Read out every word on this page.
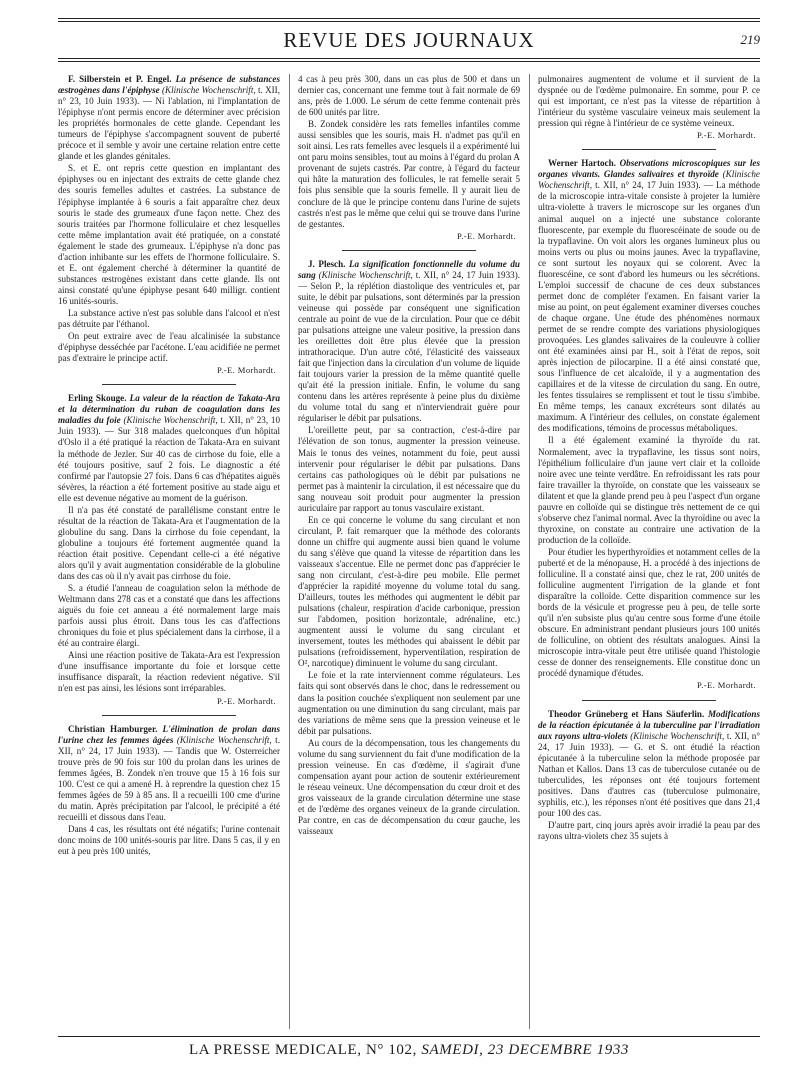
REVUE DES JOURNAUX	219

F. Silberstein et P. Engel. La présence de substances œstrogènes dans l'épiphyse (Klinische Wochenschrift, t. XII, n° 23, 10 Juin 1933). — Ni l'ablation, ni l'implantation de l'épiphyse n'ont permis encore de déterminer avec précision les propriétés hormonales de cette glande. Cependant les tumeurs de l'épiphyse s'accompagnent souvent de puberté précoce et il semble y avoir une certaine relation entre cette glande et les glandes génitales.

S. et E. ont repris cette question en implantant des épiphyses ou en injectant des extraits de cette glande chez des souris femelles adultes et castrées. La substance de l'épiphyse implantée à 6 souris a fait apparaître chez deux souris le stade des grumeaux d'une façon nette. Chez des souris traitées par l'hormone folliculaire et chez lesquelles cette même implantation avait été pratiquée, on a constaté également le stade des grumeaux. L'épiphyse n'a donc pas d'action inhibante sur les effets de l'hormone folliculaire. S. et E. ont également cherché à déterminer la quantité de substances œstrogènes existant dans cette glande. Ils ont ainsi constaté qu'une épiphyse pesant 640 milligr. contient 16 unités-souris.

La substance active n'est pas soluble dans l'alcool et n'est pas détruite par l'éthanol.

On peut extraire avec de l'eau alcalinisée la substance d'épiphyse desséchée par l'acétone. L'eau acidifiée ne permet pas d'extraire le principe actif.

P.-E. Morhardt.

Erling Skouge. La valeur de la réaction de Takata-Ara et la détermination du ruban de coagulation dans les maladies du foie (Klinische Wochenschrift, t. XII, n° 23, 10 Juin 1933). — Sur 318 malades quelconques d'un hôpital d'Oslo il a été pratiqué la réaction de Takata-Ara en suivant la méthode de Jezler. Sur 40 cas de cirrhose du foie, elle a été toujours positive, sauf 2 fois. Le diagnostic a été confirmé par l'autopsie 27 fois. Dans 6 cas d'hépatites aiguës sévères, la réaction a été fortement positive au stade aigu et elle est devenue négative au moment de la guérison.

Il n'a pas été constaté de parallélisme constant entre le résultat de la réaction de Takata-Ara et l'augmentation de la globuline du sang. Dans la cirrhose du foie cependant, la globuline a toujours été fortement augmentée quand la réaction était positive. Cependant celle-ci a été négative alors qu'il y avait augmentation considérable de la globuline dans des cas où il n'y avait pas cirrhose du foie.

S. a étudié l'anneau de coagulation selon la méthode de Weltmann dans 278 cas et a constaté que dans les affections aiguës du foie cet anneau a été normalement large mais parfois aussi plus étroit. Dans tous les cas d'affections chroniques du foie et plus spécialement dans la cirrhose, il a été au contraire élargi.

Ainsi une réaction positive de Takata-Ara est l'expression d'une insuffisance importante du foie et lorsque cette insuffisance disparaît, la réaction redevient négative. S'il n'en est pas ainsi, les lésions sont irréparables.

P.-E. Morhardt.

Christian Hamburger. L'élimination de prolan dans l'urine chez les femmes âgées (Klinische Wochenschrift, t. XII, n° 24, 17 Juin 1933). — Tandis que W. Osterreicher trouve près de 90 fois sur 100 du prolan dans les urines de femmes âgées, B. Zondek n'en trouve que 15 à 16 fois sur 100. C'est ce qui a amené H. à reprendre la question chez 15 femmes âgées de 59 à 85 ans. Il a recueilli 100 cme d'urine du matin. Après précipitation par l'alcool, le précipité a été recueilli et dissous dans l'eau.

Dans 4 cas, les résultats ont été négatifs; l'urine contenait donc moins de 100 unités-souris par litre. Dans 5 cas, il y en eut à peu près 100 unités,

4 cas à peu près 300, dans un cas plus de 500 et dans un dernier cas, concernant une femme tout à fait normale de 69 ans, près de 1.000. Le sérum de cette femme contenait près de 600 unités par litre.

B. Zondek considère les rats femelles infantiles comme aussi sensibles que les souris, mais H. n'admet pas qu'il en soit ainsi. Les rats femelles avec lesquels il a expérimenté lui ont paru moins sensibles, tout au moins à l'égard du prolan A provenant de sujets castrés. Par contre, à l'égard du facteur qui hâte la maturation des follicules, le rat femelle serait 5 fois plus sensible que la souris femelle. Il y aurait lieu de conclure de là que le principe contenu dans l'urine de sujets castrés n'est pas le même que celui qui se trouve dans l'urine de gestantes.

P.-E. Morhardt.

J. Plesch. La signification fonctionnelle du volume du sang (Klinische Wochenschrift, t. XII, n° 24, 17 Juin 1933). — Selon P., la réplétion diastolique des ventricules et, par suite, le débit par pulsations, sont déterminés par la pression veineuse qui possède par conséquent une signification centrale au point de vue de la circulation. Pour que ce débit par pulsations atteigne une valeur positive, la pression dans les oreillettes doit être plus élevée que la pression intrathoracique. D'un autre côté, l'élasticité des vaisseaux fait que l'injection dans la circulation d'un volume de liquide fait toujours varier la pression de la même quantité quelle qu'ait été la pression initiale. Enfin, le volume du sang contenu dans les artères représente à peine plus du dixième du volume total du sang et n'interviendrait guère pour régulariser le débit par pulsations.

L'oreillette peut, par sa contraction, c'est-à-dire par l'élévation de son tonus, augmenter la pression veineuse. Mais le tonus des veines, notamment du foie, peut aussi intervenir pour régulariser le débit par pulsations. Dans certains cas pathologiques où le débit par pulsations ne permet pas à maintenir la circulation, il est nécessaire que du sang nouveau soit produit pour augmenter la pression auriculaire par rapport au tonus vasculaire existant.

En ce qui concerne le volume du sang circulant et non circulant, P. fait remarquer que la méthode des colorants donne un chiffre qui augmente aussi bien quand le volume du sang s'élève que quand la vitesse de répartition dans les vaisseaux s'accentue. Elle ne permet donc pas d'apprécier le sang non circulant, c'est-à-dire peu mobile. Elle permet d'apprécier la rapidité moyenne du volume total du sang. D'ailleurs, toutes les méthodes qui augmentent le débit par pulsations (chaleur, respiration d'acide carbonique, pression sur l'abdomen, position horizontale, adrénaline, etc.) augmentent aussi le volume du sang circulant et inversement, toutes les méthodes qui abaissent le débit par pulsations (refroidissement, hyperventilation, respiration de O², narcotique) diminuent le volume du sang circulant.

Le foie et la rate interviennent comme régulateurs. Les faits qui sont observés dans le choc, dans le redressement ou dans la position couchée s'expliquent non seulement par une augmentation ou une diminution du sang circulant, mais par des variations de même sens que la pression veineuse et le débit par pulsations.

Au cours de la décompensation, tous les changements du volume du sang surviennent du fait d'une modification de la pression veineuse. En cas d'œdème, il s'agirait d'une compensation ayant pour action de soutenir extérieurement le réseau veineux. Une décompensation du cœur droit et des gros vaisseaux de la grande circulation détermine une stase et de l'œdème des organes veineux de la grande circulation. Par contre, en cas de décompensation du cœur gauche, les vaisseaux

pulmonaires augmentent de volume et il survient de la dyspnée ou de l'œdème pulmonaire. En somme, pour P. ce qui est important, ce n'est pas la vitesse de répartition à l'intérieur du système vasculaire veineux mais seulement la pression qui règne à l'intérieur de ce système veineux.

P.-E. Morhardt.

Werner Hartoch. Observations microscopiques sur les organes vivants. Glandes salivaires et thyroïde (Klinische Wochenschrift, t. XII, n° 24, 17 Juin 1933). — La méthode de la microscopie intra-vitale consiste à projeter la lumière ultra-violette à travers le microscope sur les organes d'un animal auquel on a injecté une substance colorante fluorescente, par exemple du fluorescéinate de soude ou de la trypaflavine. On voit alors les organes lumineux plus ou moins verts ou plus ou moins jaunes. Avec la trypaflavine, ce sont surtout les noyaux qui se colorent. Avec la fluorescéine, ce sont d'abord les humeurs ou les sécrétions. L'emploi successif de chacune de ces deux substances permet donc de compléter l'examen. En faisant varier la mise au point, on peut également examiner diverses couches de chaque organe. Une étude des phénomènes normaux permet de se rendre compte des variations physiologiques provoquées. Les glandes salivaires de la couleuvre à collier ont été examinées ainsi par H., soit à l'état de repos, soit après injection de pilocarpine. Il a été ainsi constaté que, sous l'influence de cet alcaloïde, il y a augmentation des capillaires et de la vitesse de circulation du sang. En outre, les fentes tissulaires se remplissent et tout le tissu s'imbibe. En même temps, les canaux excréteurs sont dilatés au maximum. A l'intérieur des cellules, on constate également des modifications, témoins de processus métaboliques.

Il a été également examiné la thyroïde du rat. Normalement, avec la trypaflavine, les tissus sont noirs, l'épithélium folliculaire d'un jaune vert clair et la colloïde noire avec une teinte verdâtre. En refroidissant les rats pour faire travailler la thyroïde, on constate que les vaisseaux se dilatent et que la glande prend peu à peu l'aspect d'un organe pauvre en colloïde qui se distingue très nettement de ce qui s'observe chez l'animal normal. Avec la thyroïdine ou avec la thyroxine, on constate au contraire une activation de la production de la colloïde.

Pour étudier les hyperthyroïdies et notamment celles de la puberté et de la ménopause, H. a procédé à des injections de folliculine. Il a constaté ainsi que, chez le rat, 200 unités de folliculine augmentent l'irrigation de la glande et font disparaître la colloïde. Cette disparition commence sur les bords de la vésicule et progresse peu à peu, de telle sorte qu'il n'en subsiste plus qu'au centre sous forme d'une étoile obscure. En administrant pendant plusieurs jours 100 unités de folliculine, on obtient des résultats analogues. Ainsi la microscopie intra-vitale peut être utilisée quand l'histologie cesse de donner des renseignements. Elle constitue donc un procédé dynamique d'études.

P.-E. Morhardt.

Theodor Grüneberg et Hans Säuferlin. Modifications de la réaction épicutanée à la tuberculine par l'irradiation aux rayons ultra-violets (Klinische Wochenschrift, t. XII, n° 24, 17 Juin 1933). — G. et S. ont étudié la réaction épicutanée à la tuberculine selon la méthode proposée par Nathan et Kallos. Dans 13 cas de tuberculose cutanée ou de tuberculides, les réponses ont été toujours fortement positives. Dans d'autres cas (tuberculose pulmonaire, syphilis, etc.), les réponses n'ont été positives que dans 21,4 pour 100 des cas.

D'autre part, cinq jours après avoir irradié la peau par des rayons ultra-violets chez 35 sujets à

LA PRESSE MEDICALE, N° 102, SAMEDI, 23 DECEMBRE 1933
